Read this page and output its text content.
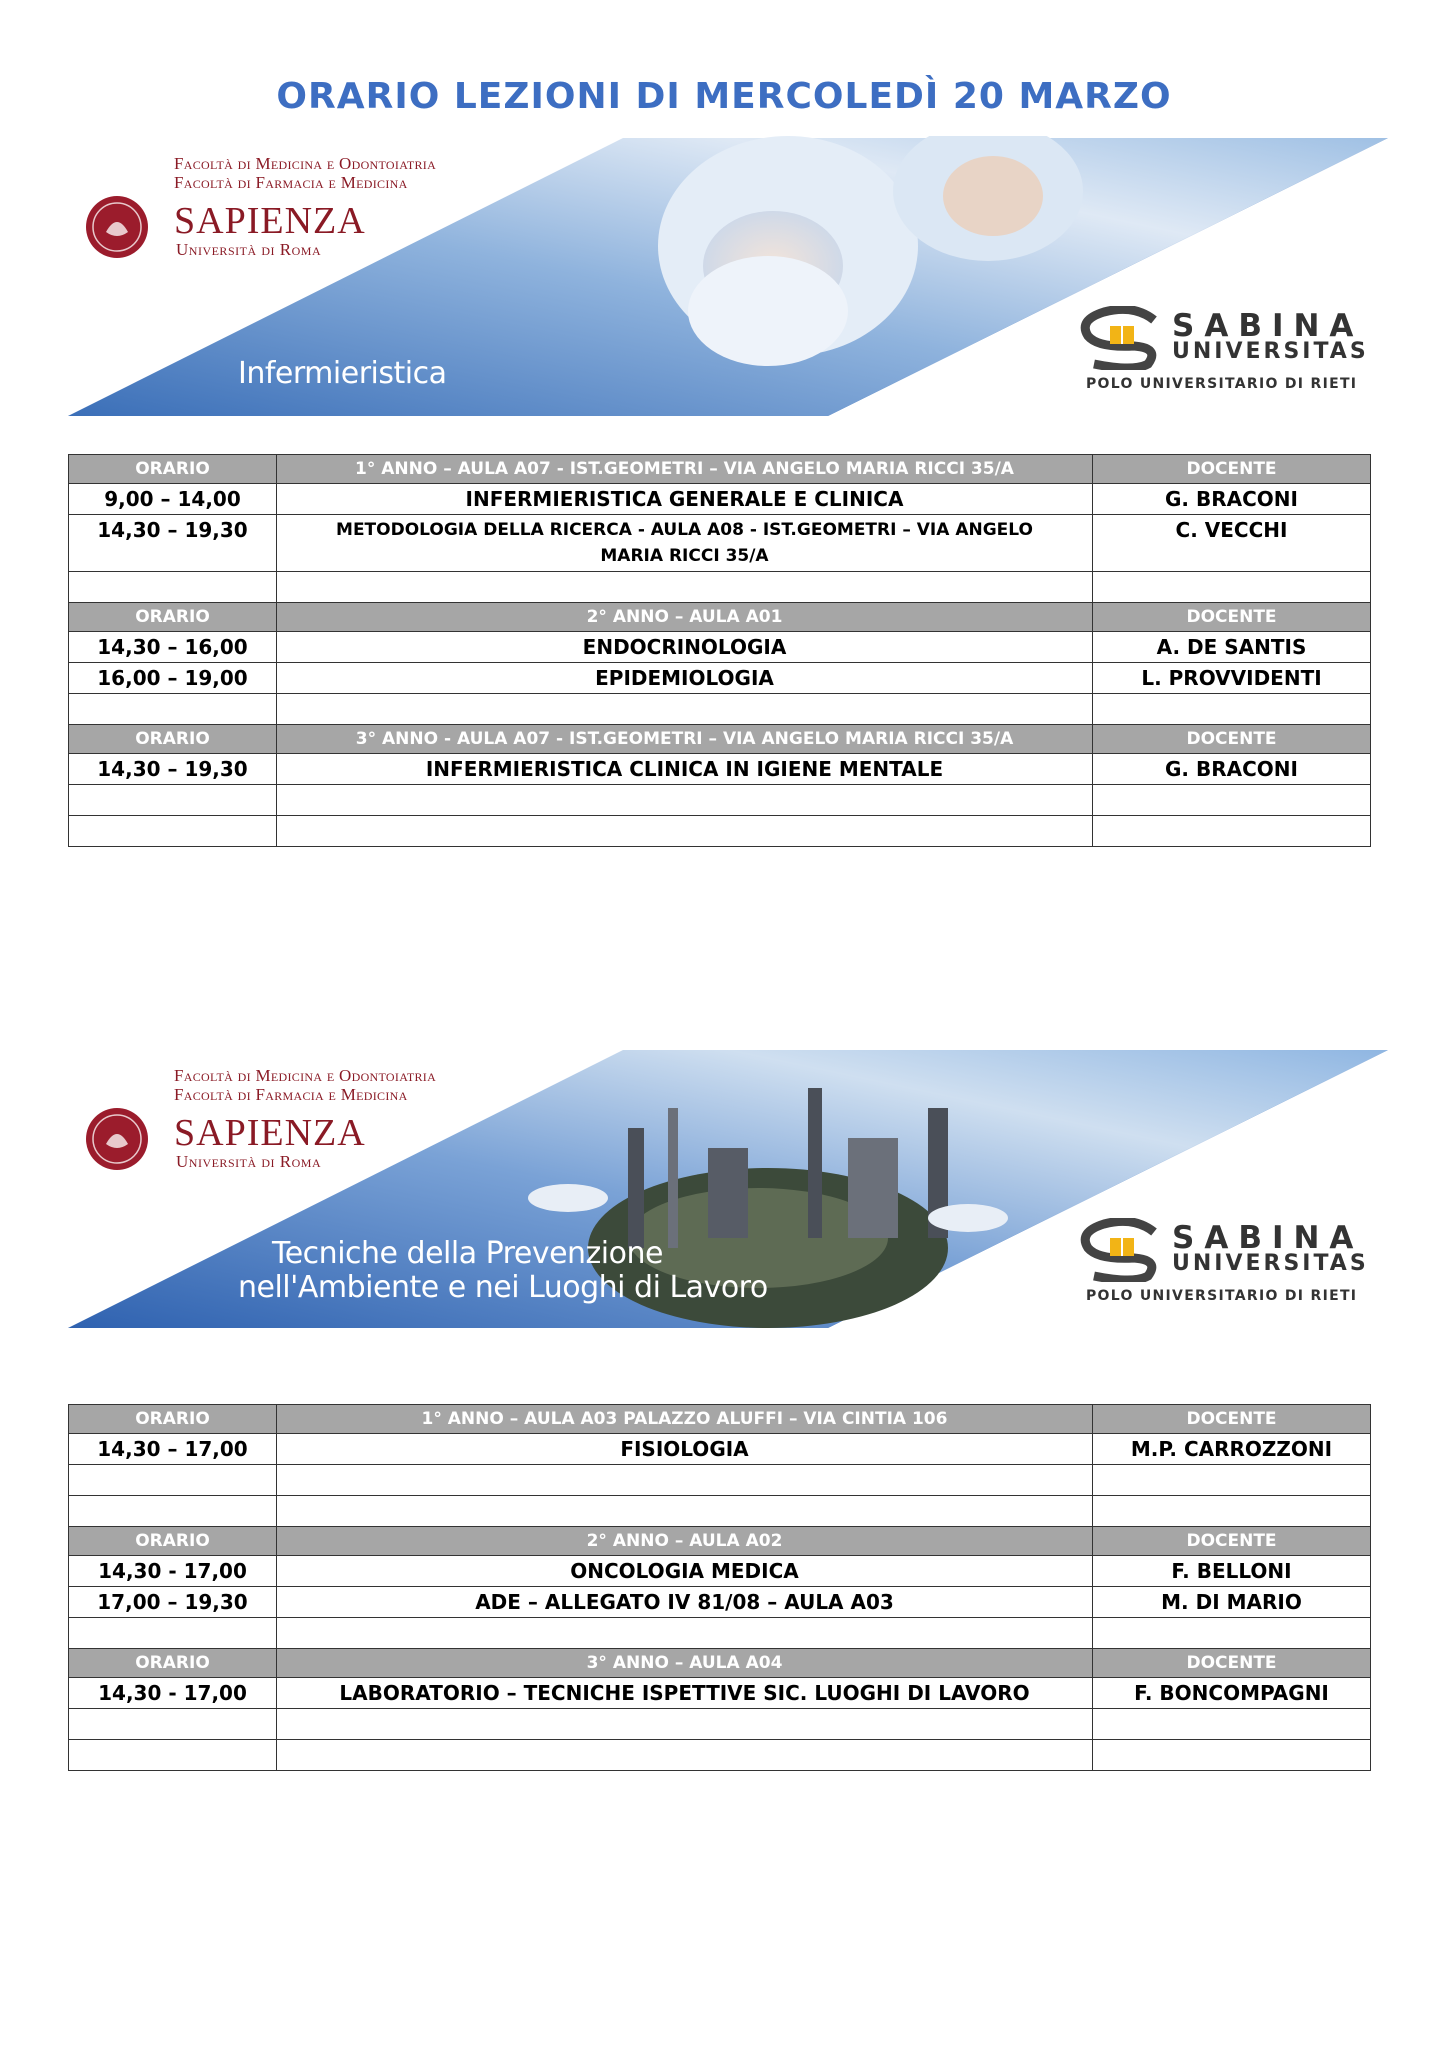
ORARIO LEZIONI DI MERCOLEDÌ 20 MARZO
Facoltà di Medicina e Odontoiatria
Facoltà di Farmacia e Medicina
SAPIENZA
Università di Roma
Infermieristica
SABINA
UNIVERSITAS
POLO UNIVERSITARIO DI RIETI
ORARIO	1° ANNO – AULA A07 - IST.GEOMETRI – VIA ANGELO MARIA RICCI 35/A	DOCENTE
9,00 – 14,00	INFERMIERISTICA GENERALE E CLINICA	G. BRACONI
14,30 – 19,30	METODOLOGIA DELLA RICERCA - AULA A08 - IST.GEOMETRI – VIA ANGELO MARIA RICCI 35/A	C. VECCHI

ORARIO	2° ANNO – AULA A01	DOCENTE
14,30 – 16,00	ENDOCRINOLOGIA	A. DE SANTIS
16,00 – 19,00	EPIDEMIOLOGIA	L. PROVVIDENTI

ORARIO	3° ANNO - AULA A07 - IST.GEOMETRI – VIA ANGELO MARIA RICCI 35/A	DOCENTE
14,30 – 19,30	INFERMIERISTICA CLINICA IN IGIENE MENTALE	G. BRACONI

Facoltà di Medicina e Odontoiatria
Facoltà di Farmacia e Medicina
SAPIENZA
Università di Roma
Tecniche della Prevenzione
nell'Ambiente e nei Luoghi di Lavoro
SABINA
UNIVERSITAS
POLO UNIVERSITARIO DI RIETI
ORARIO	1° ANNO – AULA A03 PALAZZO ALUFFI – VIA CINTIA 106	DOCENTE
14,30 – 17,00	FISIOLOGIA	M.P. CARROZZONI

ORARIO	2° ANNO – AULA A02	DOCENTE
14,30 - 17,00	ONCOLOGIA MEDICA	F. BELLONI
17,00 – 19,30	ADE – ALLEGATO IV 81/08 – AULA A03	M. DI MARIO

ORARIO	3° ANNO – AULA A04	DOCENTE
14,30 - 17,00	LABORATORIO – TECNICHE ISPETTIVE SIC. LUOGHI DI LAVORO	F. BONCOMPAGNI
